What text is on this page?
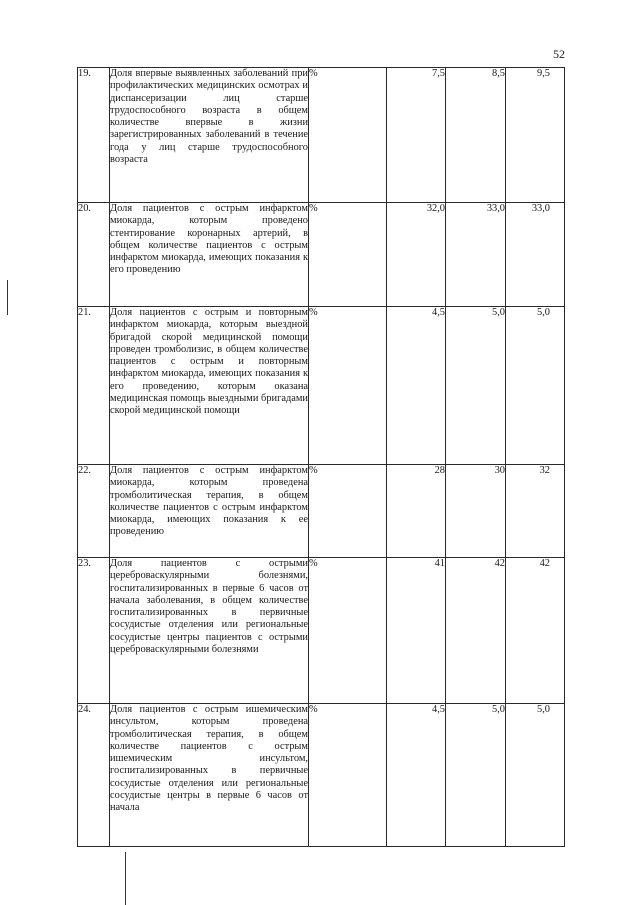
52
19.	Доля впервые выявленных заболеваний при профилактических медицинских осмотрах и диспансеризации лиц старше трудоспособного возраста в общем количестве впервые в жизни зарегистрированных заболеваний в течение года у лиц старше трудоспособного возраста	%	7,5	8,5	9,5
20.	Доля пациентов с острым инфарктом миокарда, которым проведено стентирование коронарных артерий, в общем количестве пациентов с острым инфарктом миокарда, имеющих показания к его проведению	%	32,0	33,0	33,0
21.	Доля пациентов с острым и повторным инфарктом миокарда, которым выездной бригадой скорой медицинской помощи проведен тромболизис, в общем количестве пациентов с острым и повторным инфарктом миокарда, имеющих показания к его проведению, которым оказана медицинская помощь выездными бригадами скорой медицинской помощи	%	4,5	5,0	5,0
22.	Доля пациентов с острым инфарктом миокарда, которым проведена тромболитическая терапия, в общем количестве пациентов с острым инфарктом миокарда, имеющих показания к ее проведению	%	28	30	32
23.	Доля пациентов с острыми цереброваскулярными болезнями, госпитализированных в первые 6 часов от начала заболевания, в общем количестве госпитализированных в первичные сосудистые отделения или региональные сосудистые центры пациентов с острыми цереброваскулярными болезнями	%	41	42	42
24.	Доля пациентов с острым ишемическим инсультом, которым проведена тромболитическая терапия, в общем количестве пациентов с острым ишемическим инсультом, госпитализированных в первичные сосудистые отделения или региональные сосудистые центры в первые 6 часов от начала	%	4,5	5,0	5,0
